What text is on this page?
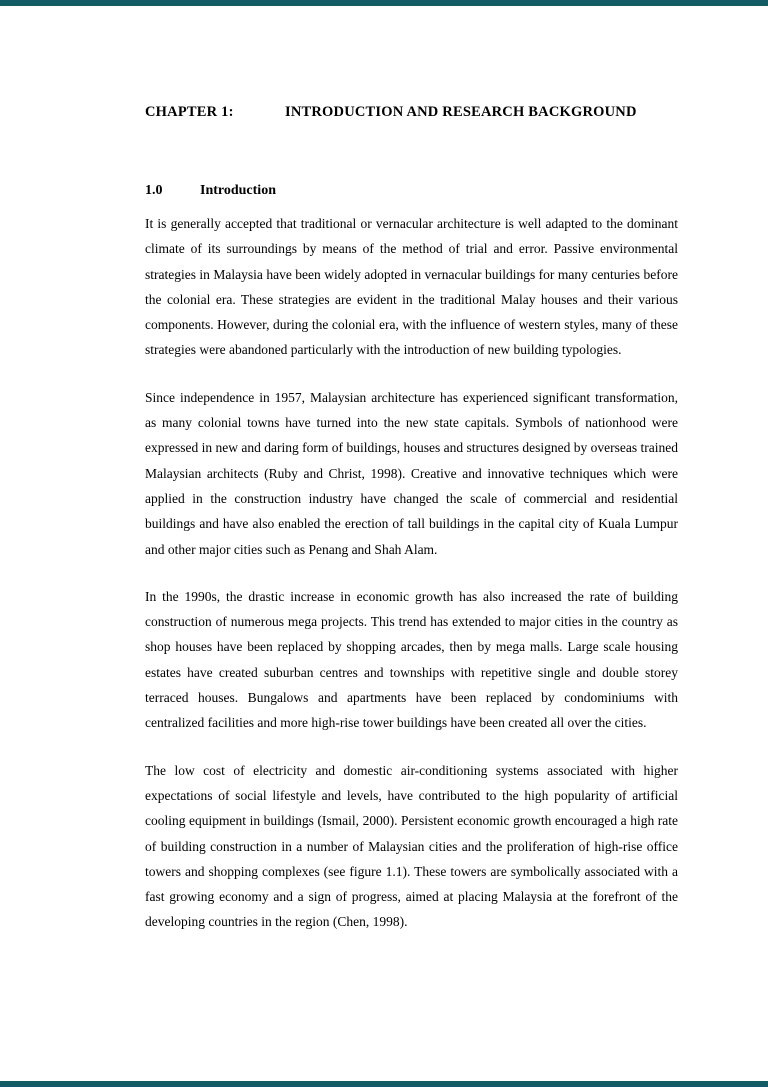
CHAPTER 1:	INTRODUCTION AND RESEARCH BACKGROUND
1.0	Introduction

It is generally accepted that traditional or vernacular architecture is well adapted to the dominant climate of its surroundings by means of the method of trial and error. Passive environmental strategies in Malaysia have been widely adopted in vernacular buildings for many centuries before the colonial era. These strategies are evident in the traditional Malay houses and their various components. However, during the colonial era, with the influence of western styles, many of these strategies were abandoned particularly with the introduction of new building typologies.

Since independence in 1957, Malaysian architecture has experienced significant transformation, as many colonial towns have turned into the new state capitals. Symbols of nationhood were expressed in new and daring form of buildings, houses and structures designed by overseas trained Malaysian architects (Ruby and Christ, 1998). Creative and innovative techniques which were applied in the construction industry have changed the scale of commercial and residential buildings and have also enabled the erection of tall buildings in the capital city of Kuala Lumpur and other major cities such as Penang and Shah Alam.

In the 1990s, the drastic increase in economic growth has also increased the rate of building construction of numerous mega projects. This trend has extended to major cities in the country as shop houses have been replaced by shopping arcades, then by mega malls. Large scale housing estates have created suburban centres and townships with repetitive single and double storey terraced houses. Bungalows and apartments have been replaced by condominiums with centralized facilities and more high-rise tower buildings have been created all over the cities.

The low cost of electricity and domestic air-conditioning systems associated with higher expectations of social lifestyle and levels, have contributed to the high popularity of artificial cooling equipment in buildings (Ismail, 2000). Persistent economic growth encouraged a high rate of building construction in a number of Malaysian cities and the proliferation of high-rise office towers and shopping complexes (see figure 1.1). These towers are symbolically associated with a fast growing economy and a sign of progress, aimed at placing Malaysia at the forefront of the developing countries in the region (Chen, 1998).
